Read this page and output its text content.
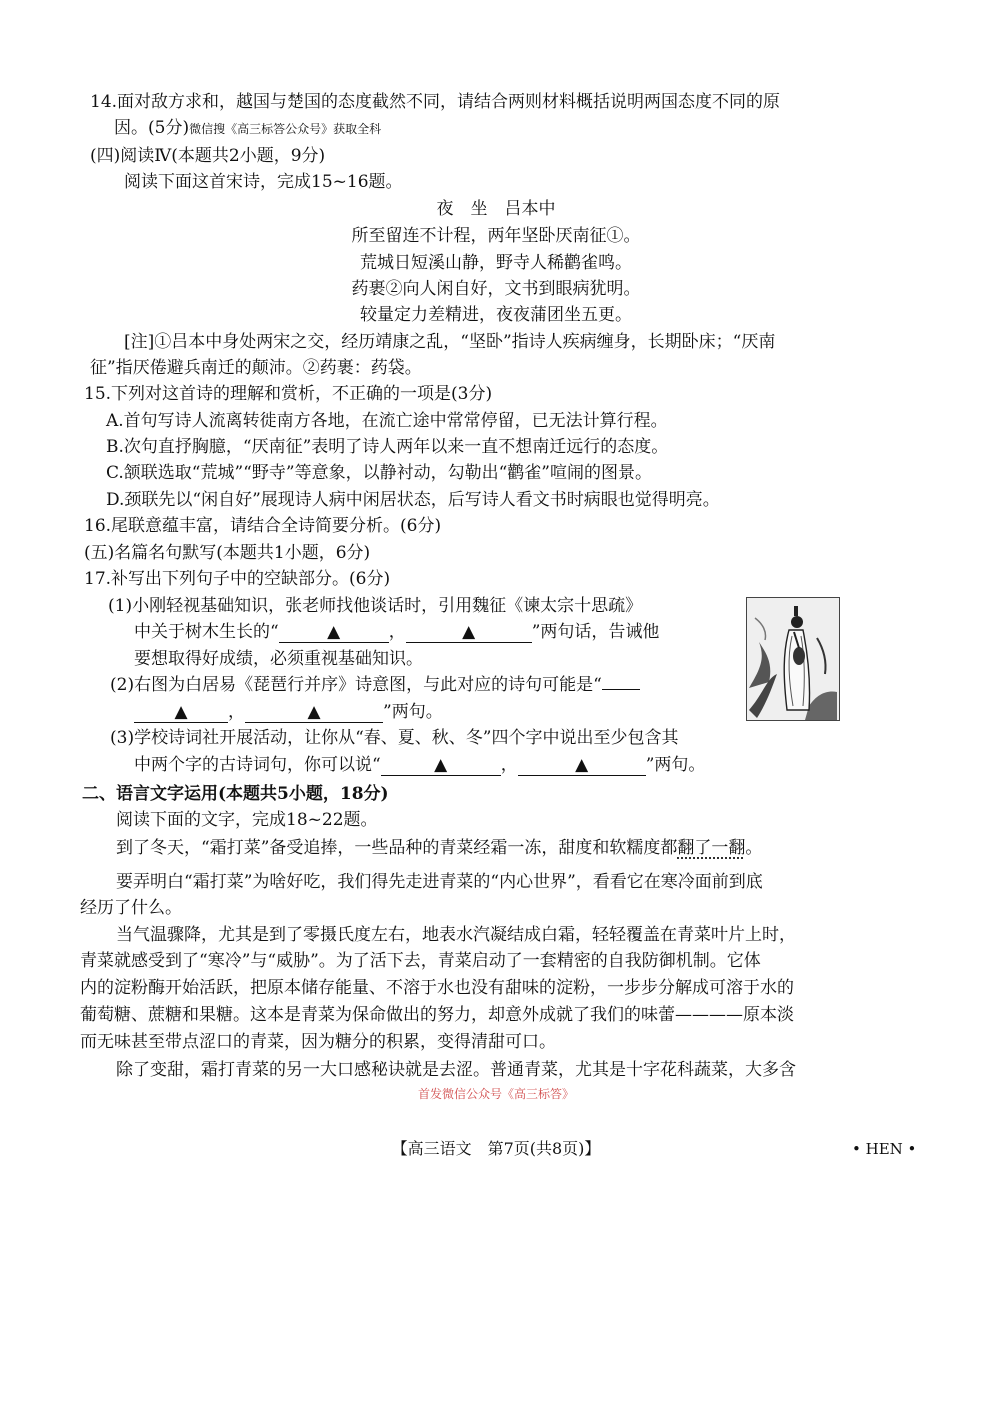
14.面对敌方求和，越国与楚国的态度截然不同，请结合两则材料概括说明两国态度不同的原
因。(5分)微信搜《高三标答公众号》获取全科
(四)阅读Ⅳ(本题共2小题，9分)
阅读下面这首宋诗，完成15~16题。
夜　坐　吕本中
所至留连不计程，两年坚卧厌南征①。
荒城日短溪山静，野寺人稀鹳雀鸣。
药裹②向人闲自好，文书到眼病犹明。
较量定力差精进，夜夜蒲团坐五更。
[注]①吕本中身处两宋之交，经历靖康之乱，“坚卧”指诗人疾病缠身，长期卧床；“厌南
征”指厌倦避兵南迁的颠沛。②药裹：药袋。
15.下列对这首诗的理解和赏析，不正确的一项是(3分)
A.首句写诗人流离转徙南方各地，在流亡途中常常停留，已无法计算行程。
B.次句直抒胸臆，“厌南征”表明了诗人两年以来一直不想南迁远行的态度。
C.颔联选取“荒城”“野寺”等意象，以静衬动，勾勒出“鹳雀”喧闹的图景。
D.颈联先以“闲自好”展现诗人病中闲居状态，后写诗人看文书时病眼也觉得明亮。
16.尾联意蕴丰富，请结合全诗简要分析。(6分)
(五)名篇名句默写(本题共1小题，6分)
17.补写出下列句子中的空缺部分。(6分)
(1)小刚轻视基础知识，张老师找他谈话时，引用魏征《谏太宗十思疏》
中关于树木生长的“	▲	，	▲	”两句话，告诫他
要想取得好成绩，必须重视基础知识。
(2)右图为白居易《琵琶行并序》诗意图，与此对应的诗句可能是“
▲ ，	▲	”两句。
(3)学校诗词社开展活动，让你从“春、夏、秋、冬”四个字中说出至少包含其
中两个字的古诗词句，你可以说“	▲	，	▲	”两句。
二、语言文字运用(本题共5小题，18分)
阅读下面的文字，完成18~22题。
到了冬天，“霜打菜”备受追捧，一些品种的青菜经霜一冻，甜度和软糯度都翻了一翻。
要弄明白“霜打菜”为啥好吃，我们得先走进青菜的“内心世界”，看看它在寒冷面前到底
经历了什么。
当气温骤降，尤其是到了零摄氏度左右，地表水汽凝结成白霜，轻轻覆盖在青菜叶片上时，
青菜就感受到了“寒冷”与“威胁”。为了活下去，青菜启动了一套精密的自我防御机制。它体
内的淀粉酶开始活跃，把原本储存能量、不溶于水也没有甜味的淀粉，一步步分解成可溶于水的
葡萄糖、蔗糖和果糖。这本是青菜为保命做出的努力，却意外成就了我们的味蕾————原本淡
而无味甚至带点涩口的青菜，因为糖分的积累，变得清甜可口。
除了变甜，霜打青菜的另一大口感秘诀就是去涩。普通青菜，尤其是十字花科蔬菜，大多含
首发微信公众号《高三标答》
【高三语文　第7页(共8页)】	• HEN •
